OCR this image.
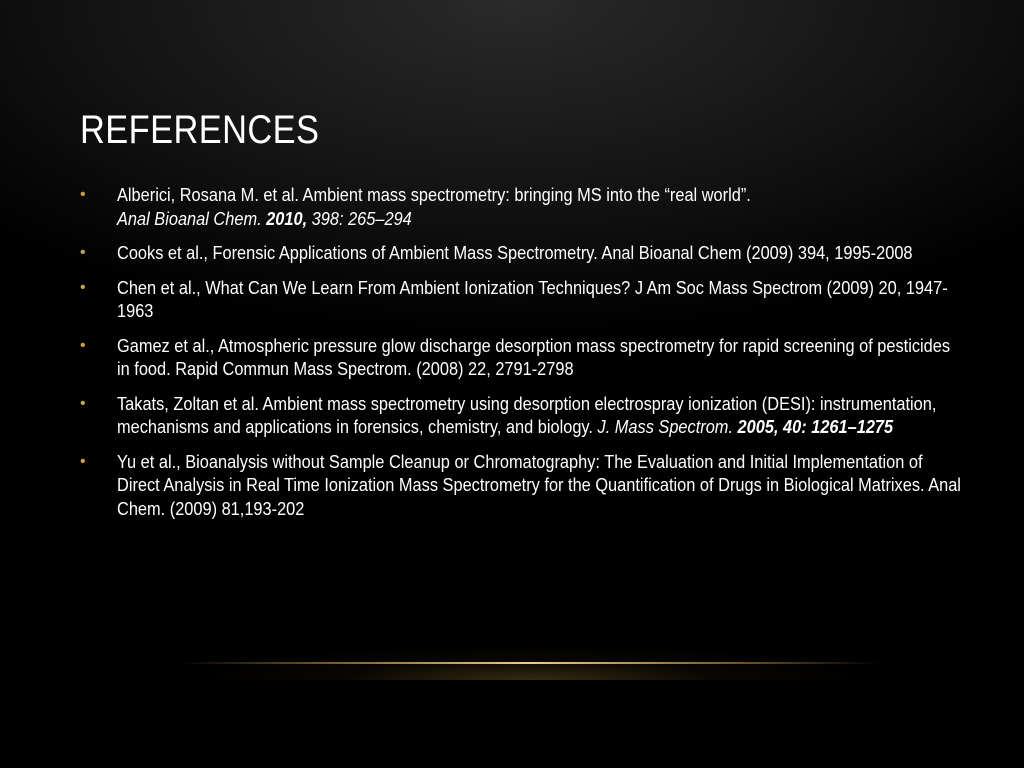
REFERENCES
• Alberici, Rosana M. et al. Ambient mass spectrometry: bringing MS into the “real world”.
Anal Bioanal Chem. 2010, 398: 265–294
• Cooks et al., Forensic Applications of Ambient Mass Spectrometry. Anal Bioanal Chem (2009) 394, 1995-2008
• Chen et al., What Can We Learn From Ambient Ionization Techniques? J Am Soc Mass Spectrom (2009) 20, 1947-1963
• Gamez et al., Atmospheric pressure glow discharge desorption mass spectrometry for rapid screening of pesticides in food. Rapid Commun Mass Spectrom. (2008) 22, 2791-2798
• Takats, Zoltan et al. Ambient mass spectrometry using desorption electrospray ionization (DESI): instrumentation, mechanisms and applications in forensics, chemistry, and biology. J. Mass Spectrom. 2005, 40: 1261–1275
• Yu et al., Bioanalysis without Sample Cleanup or Chromatography: The Evaluation and Initial Implementation of Direct Analysis in Real Time Ionization Mass Spectrometry for the Quantification of Drugs in Biological Matrixes. Anal Chem. (2009) 81,193-202
